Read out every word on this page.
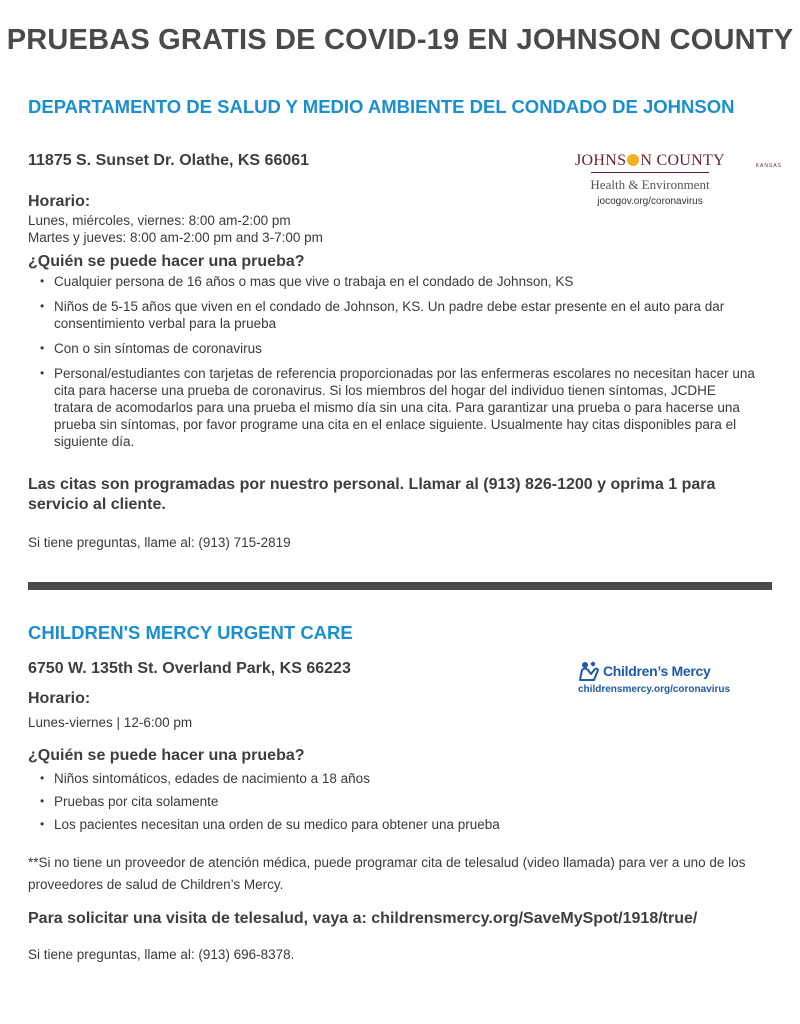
PRUEBAS GRATIS DE COVID-19 EN JOHNSON COUNTY
DEPARTAMENTO DE SALUD Y MEDIO AMBIENTE DEL CONDADO DE JOHNSON
11875 S. Sunset Dr. Olathe, KS 66061	JOHNS N COUNTY
Health & Environment
jocogov.org/coronavirus
KANSAS
Horario:
Lunes, miércoles, viernes: 8:00 am-2:00 pm
Martes y jueves: 8:00 am-2:00 pm and 3-7:00 pm
¿Quién se puede hacer una prueba?
• Cualquier persona de 16 años o mas que vive o trabaja en el condado de Johnson, KS
• Niños de 5-15 años que viven en el condado de Johnson, KS. Un padre debe estar presente en el auto para dar consentimiento verbal para la prueba
• Con o sin síntomas de coronavirus
• Personal/estudiantes con tarjetas de referencia proporcionadas por las enfermeras escolares no necesitan hacer una cita para hacerse una prueba de coronavirus. Si los miembros del hogar del individuo tienen síntomas, JCDHE tratara de acomodarlos para una prueba el mismo día sin una cita. Para garantizar una prueba o para hacerse una prueba sin síntomas, por favor programe una cita en el enlace siguiente. Usualmente hay citas disponibles para el siguiente día.
Las citas son programadas por nuestro personal. Llamar al (913) 826-1200 y oprima 1 para servicio al cliente.
Si tiene preguntas, llame al: (913) 715-2819
CHILDREN'S MERCY URGENT CARE
6750 W. 135th St. Overland Park, KS 66223	Children’s Mercy
childrensmercy.org/coronavirus
Horario:
Lunes-viernes | 12-6:00 pm
¿Quién se puede hacer una prueba?
• Niños sintomáticos, edades de nacimiento a 18 años
• Pruebas por cita solamente
• Los pacientes necesitan una orden de su medico para obtener una prueba
**Si no tiene un proveedor de atención médica, puede programar cita de telesalud (video llamada) para ver a uno de los proveedores de salud de Children’s Mercy.
Para solicitar una visita de telesalud, vaya a: childrensmercy.org/SaveMySpot/1918/true/
Si tiene preguntas, llame al: (913) 696-8378.
